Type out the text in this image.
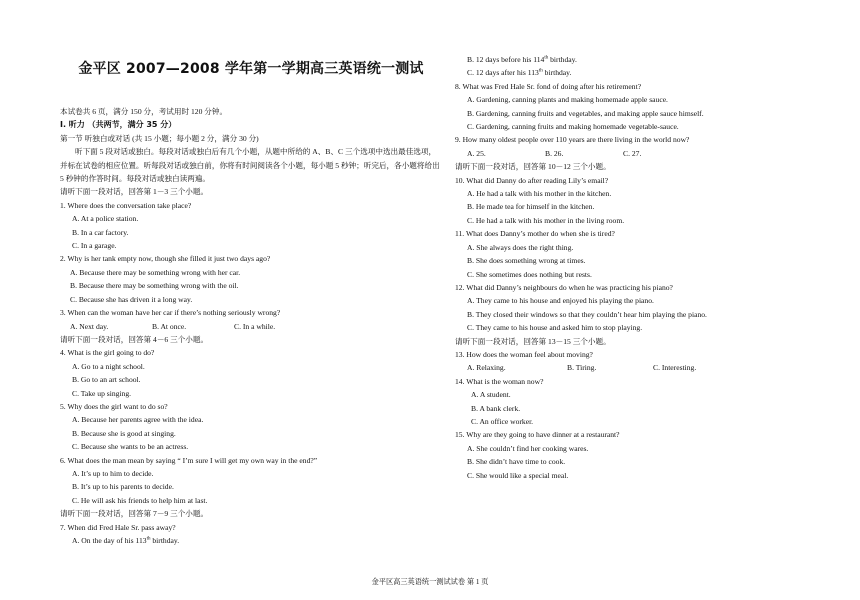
金平区 2007—2008 学年第一学期高三英语统一测试
本试卷共 6 页，满分 150 分，考试用时 120 分钟。
I. 听力 （共两节，满分 35 分）
第一节 听独白或对话 (共 15 小题；每小题 2 分，满分 30 分)
听下面 5 段对话或独白。每段对话或独白后有几个小题，从题中所给的 A、B、C 三个选项中选出最佳选项，并标在试卷的相应位置。听每段对话或独白前，你将有时间阅读各个小题，每小题 5 秒钟；听完后，各小题将给出 5 秒钟的作答时间。每段对话或独白读两遍。
请听下面一段对话，回答第 1－3 三个小题。
1. Where does the conversation take place?
A. At a police station.
B. In a car factory.
C. In a garage.
2. Why is her tank empty now, though she filled it just two days ago?
A. Because there may be something wrong with her car.
B. Because there may be something wrong with the oil.
C. Because she has driven it a long way.
3. When can the woman have her car if there’s nothing seriously wrong?
A. Next day.	B. At once.	C. In a while.
请听下面一段对话，回答第 4－6 三个小题。
4. What is the girl going to do?
A. Go to a night school.
B. Go to an art school.
C. Take up singing.
5. Why does the girl want to do so?
A. Because her parents agree with the idea.
B. Because she is good at singing.
C. Because she wants to be an actress.
6. What does the man mean by saying “ I’m sure I will get my own way in the end?”
A. It’s up to him to decide.
B. It’s up to his parents to decide.
C. He will ask his friends to help him at last.
请听下面一段对话，回答第 7－9 三个小题。
7. When did Fred Hale Sr. pass away?
A. On the day of his 113th birthday.
B. 12 days before his 114th birthday.
C. 12 days after his 113th birthday.
8. What was Fred Hale Sr. fond of doing after his retirement?
A. Gardening, canning plants and making homemade apple sauce.
B. Gardening, canning fruits and vegetables, and making apple sauce himself.
C. Gardening, canning fruits and making homemade vegetable-sauce.
9. How many oldest people over 110 years are there living in the world now?
A. 25.	B. 26.	C. 27.
请听下面一段对话，回答第 10－12 三个小题。
10. What did Danny do after reading Lily’s email?
A. He had a talk with his mother in the kitchen.
B. He made tea for himself in the kitchen.
C. He had a talk with his mother in the living room.
11. What does Danny’s mother do when she is tired?
A. She always does the right thing.
B. She does something wrong at times.
C. She sometimes does nothing but rests.
12. What did Danny’s neighbours do when he was practicing his piano?
A. They came to his house and enjoyed his playing the piano.
B. They closed their windows so that they couldn’t hear him playing the piano.
C. They came to his house and asked him to stop playing.
请听下面一段对话，回答第 13－15 三个小题。
13. How does the woman feel about moving?
A. Relaxing.	B. Tiring.	C. Interesting.
14. What is the woman now?
A. A student.
B. A bank clerk.
C. An office worker.
15. Why are they going to have dinner at a restaurant?
A. She couldn’t find her cooking wares.
B. She didn’t have time to cook.
C. She would like a special meal.
金平区高三英语统一测试试卷 第 1 页
